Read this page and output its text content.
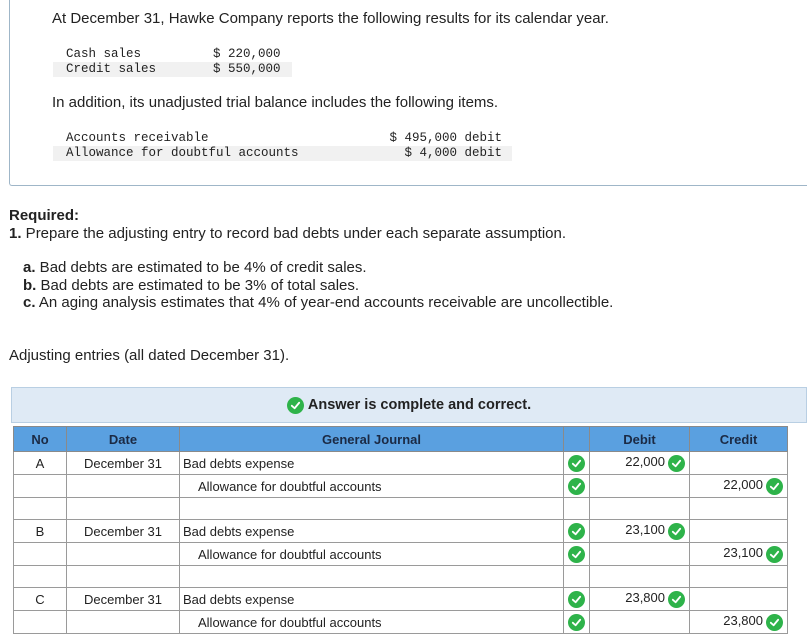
At December 31, Hawke Company reports the following results for its calendar year.
Cash sales	$ 220,000
Credit sales	$ 550,000
In addition, its unadjusted trial balance includes the following items.
Accounts receivable	$ 495,000 debit
Allowance for doubtful accounts	$ 4,000 debit
Required:
1. Prepare the adjusting entry to record bad debts under each separate assumption.
a. Bad debts are estimated to be 4% of credit sales.
b. Bad debts are estimated to be 3% of total sales.
c. An aging analysis estimates that 4% of year-end accounts receivable are uncollectible.
Adjusting entries (all dated December 31).
Answer is complete and correct.
No	Date	General Journal		Debit	Credit
A	December 31	Bad debts expense		22,000

		Allowance for doubtful accounts			22,000

B	December 31	Bad debts expense		23,100

		Allowance for doubtful accounts			23,100

C	December 31	Bad debts expense		23,800

		Allowance for doubtful accounts			23,800
